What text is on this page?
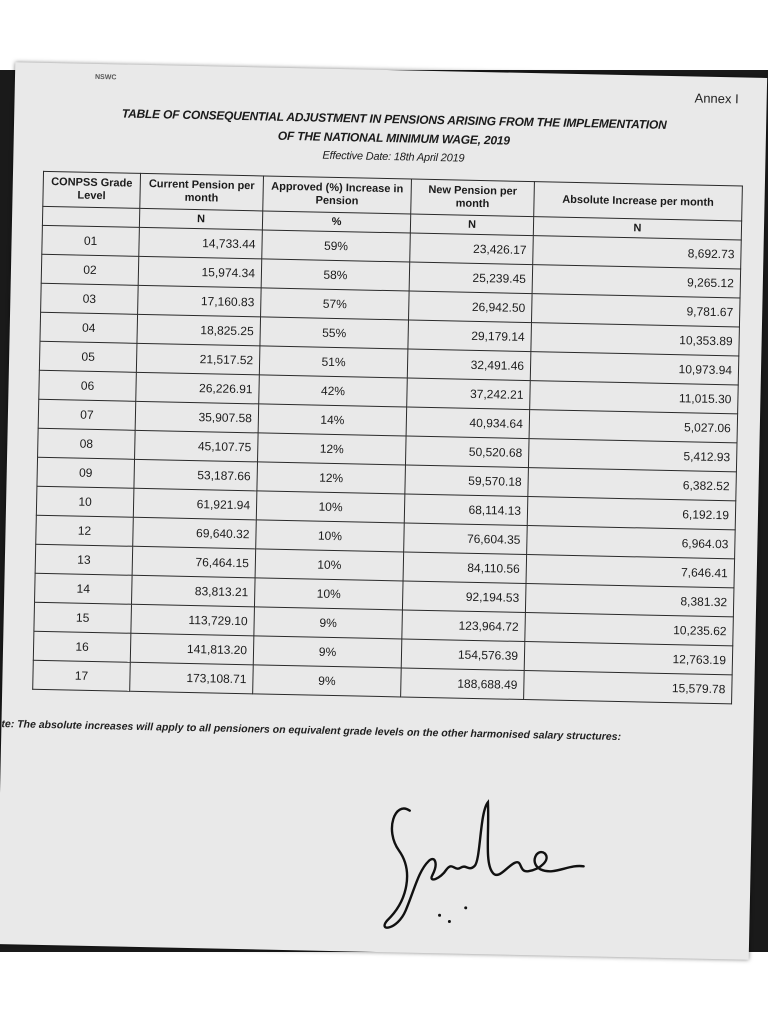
NSWC
Annex I
TABLE OF CONSEQUENTIAL ADJUSTMENT IN PENSIONS ARISING FROM THE IMPLEMENTATION
OF THE NATIONAL MINIMUM WAGE, 2019
Effective Date: 18th April 2019
CONPSS Grade Level	Current Pension per month	Approved (%) Increase in Pension	New Pension per month	Absolute Increase per month
	N	%	N	N
01	14,733.44	59%	23,426.17	8,692.73
02	15,974.34	58%	25,239.45	9,265.12
03	17,160.83	57%	26,942.50	9,781.67
04	18,825.25	55%	29,179.14	10,353.89
05	21,517.52	51%	32,491.46	10,973.94
06	26,226.91	42%	37,242.21	11,015.30
07	35,907.58	14%	40,934.64	5,027.06
08	45,107.75	12%	50,520.68	5,412.93
09	53,187.66	12%	59,570.18	6,382.52
10	61,921.94	10%	68,114.13	6,192.19
12	69,640.32	10%	76,604.35	6,964.03
13	76,464.15	10%	84,110.56	7,646.41
14	83,813.21	10%	92,194.53	8,381.32
15	113,729.10	9%	123,964.72	10,235.62
16	141,813.20	9%	154,576.39	12,763.19
17	173,108.71	9%	188,688.49	15,579.78
te: The absolute increases will apply to all pensioners on equivalent grade levels on the other harmonised salary structures:
